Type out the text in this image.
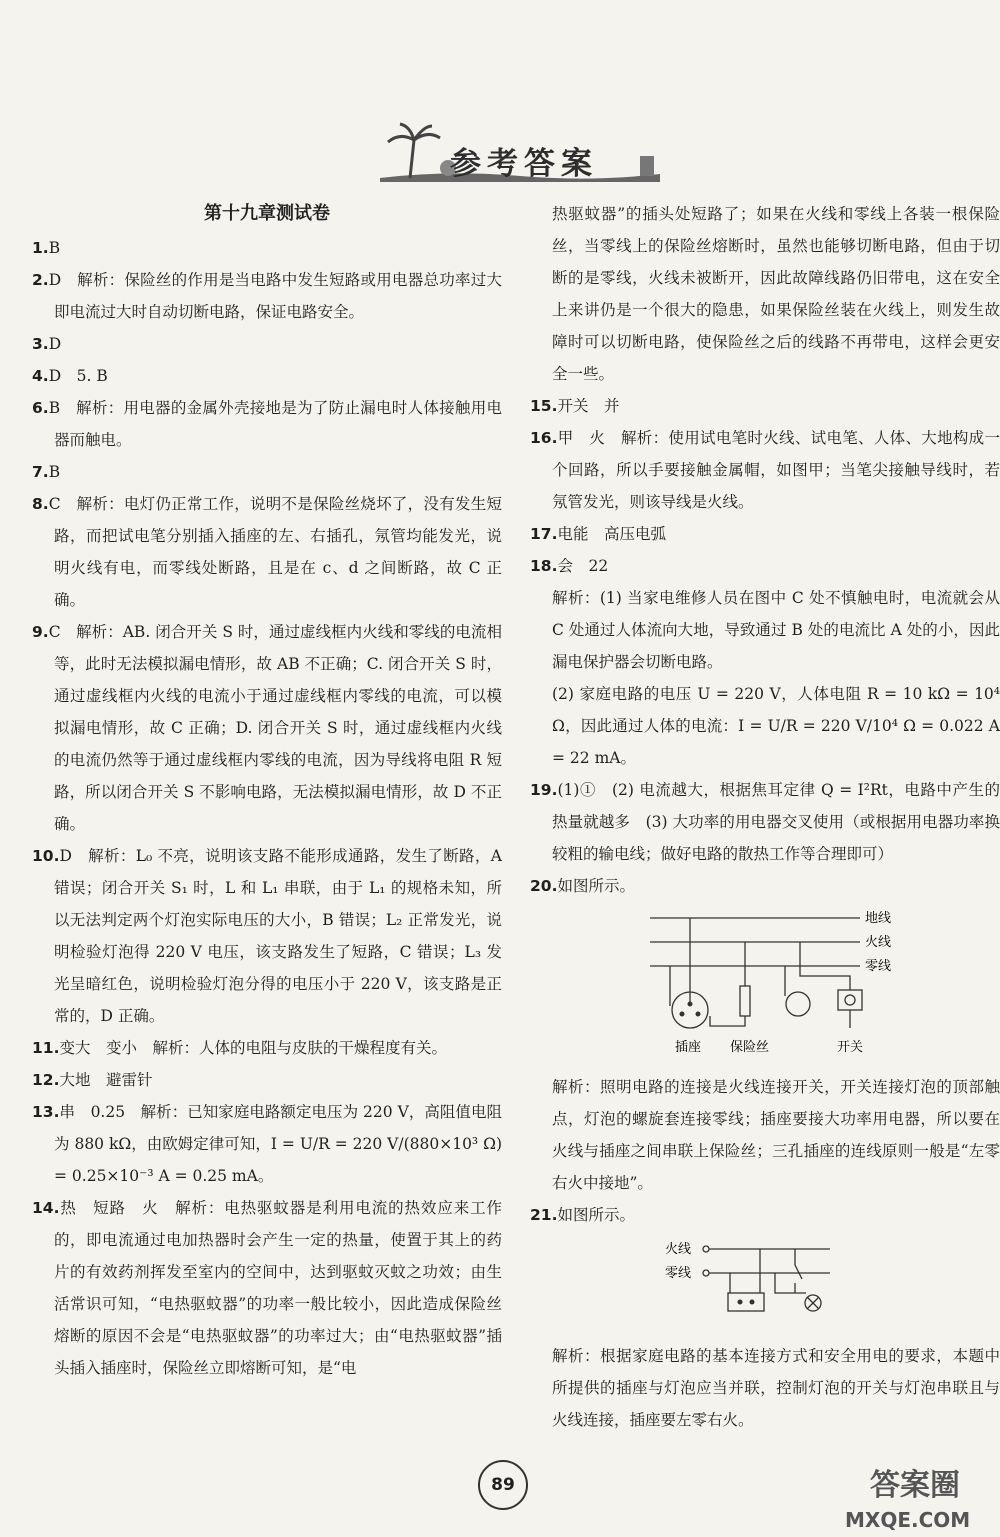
参考答案
第十九章测试卷

1.B

2.D　解析：保险丝的作用是当电路中发生短路或用电器总功率过大即电流过大时自动切断电路，保证电路安全。

3.D

4.D　5. B

6.B　解析：用电器的金属外壳接地是为了防止漏电时人体接触用电器而触电。

7.B

8.C　解析：电灯仍正常工作，说明不是保险丝烧坏了，没有发生短路，而把试电笔分别插入插座的左、右插孔，氖管均能发光，说明火线有电，而零线处断路，且是在 c、d 之间断路，故 C 正确。

9.C　解析：AB. 闭合开关 S 时，通过虚线框内火线和零线的电流相等，此时无法模拟漏电情形，故 AB 不正确；C. 闭合开关 S 时，通过虚线框内火线的电流小于通过虚线框内零线的电流，可以模拟漏电情形，故 C 正确；D. 闭合开关 S 时，通过虚线框内火线的电流仍然等于通过虚线框内零线的电流，因为导线将电阻 R 短路，所以闭合开关 S 不影响电路，无法模拟漏电情形，故 D 不正确。

10.D　解析：L₀ 不亮，说明该支路不能形成通路，发生了断路，A 错误；闭合开关 S₁ 时，L 和 L₁ 串联，由于 L₁ 的规格未知，所以无法判定两个灯泡实际电压的大小，B 错误；L₂ 正常发光，说明检验灯泡得 220 V 电压，该支路发生了短路，C 错误；L₃ 发光呈暗红色，说明检验灯泡分得的电压小于 220 V，该支路是正常的，D 正确。

11.变大　变小　解析：人体的电阻与皮肤的干燥程度有关。

12.大地　避雷针

13.串　0.25　解析：已知家庭电路额定电压为 220 V，高阻值电阻为 880 kΩ，由欧姆定律可知，I = U/R = 220 V/(880×10³ Ω) = 0.25×10⁻³ A = 0.25 mA。

14.热　短路　火　解析：电热驱蚊器是利用电流的热效应来工作的，即电流通过电加热器时会产生一定的热量，使置于其上的药片的有效药剂挥发至室内的空间中，达到驱蚊灭蚊之功效；由生活常识可知，“电热驱蚊器”的功率一般比较小，因此造成保险丝熔断的原因不会是“电热驱蚊器”的功率过大；由“电热驱蚊器”插头插入插座时，保险丝立即熔断可知，是“电

热驱蚊器”的插头处短路了；如果在火线和零线上各装一根保险丝，当零线上的保险丝熔断时，虽然也能够切断电路，但由于切断的是零线，火线未被断开，因此故障线路仍旧带电，这在安全上来讲仍是一个很大的隐患，如果保险丝装在火线上，则发生故障时可以切断电路，使保险丝之后的线路不再带电，这样会更安全一些。

15.开关　并

16.甲　火　解析：使用试电笔时火线、试电笔、人体、大地构成一个回路，所以手要接触金属帽，如图甲；当笔尖接触导线时，若氖管发光，则该导线是火线。

17.电能　高压电弧

18.会　22

解析：(1) 当家电维修人员在图中 C 处不慎触电时，电流就会从 C 处通过人体流向大地，导致通过 B 处的电流比 A 处的小，因此漏电保护器会切断电路。

(2) 家庭电路的电压 U = 220 V，人体电阻 R = 10 kΩ = 10⁴ Ω，因此通过人体的电流：I = U/R = 220 V/10⁴ Ω = 0.022 A = 22 mA。

19.(1)①　(2) 电流越大，根据焦耳定律 Q = I²Rt，电路中产生的热量就越多　(3) 大功率的用电器交叉使用（或根据用电器功率换较粗的输电线；做好电路的散热工作等合理即可）

20.如图所示。

地线
火线
零线
插座 保险丝	开关

解析：照明电路的连接是火线连接开关，开关连接灯泡的顶部触点，灯泡的螺旋套连接零线；插座要接大功率用电器，所以要在火线与插座之间串联上保险丝；三孔插座的连线原则一般是“左零右火中接地”。

21.如图所示。

火线
零线

解析：根据家庭电路的基本连接方式和安全用电的要求，本题中所提供的插座与灯泡应当并联，控制灯泡的开关与灯泡串联且与火线连接，插座要左零右火。

89	答案圈
MXQE.COM
